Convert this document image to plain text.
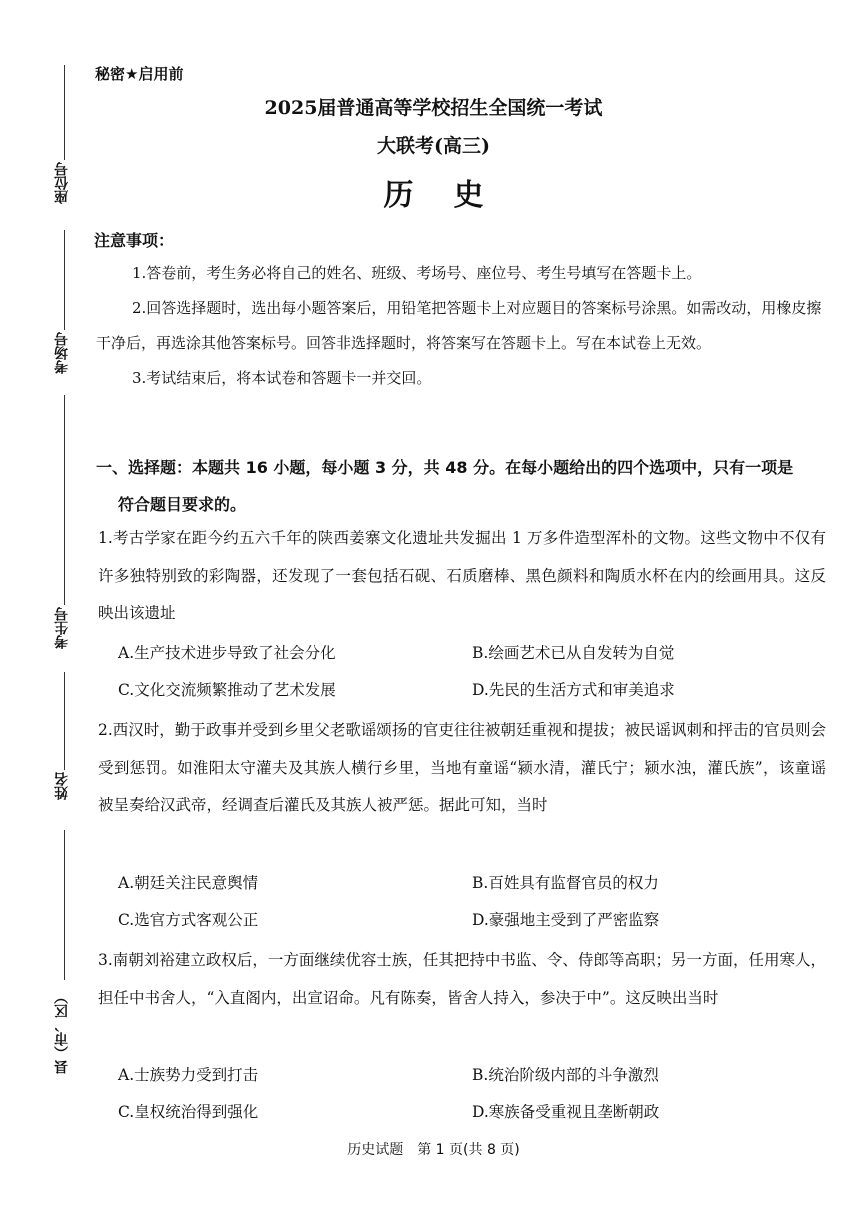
座位号
考场号
考生号
姓名
县（市、区）
秘密★启用前
2025届普通高等学校招生全国统一考试
大联考(高三)
历史
注意事项：

1.答卷前，考生务必将自己的姓名、班级、考场号、座位号、考生号填写在答题卡上。

2.回答选择题时，选出每小题答案后，用铅笔把答题卡上对应题目的答案标号涂黑。如需改动，用橡皮擦干净后，再选涂其他答案标号。回答非选择题时，将答案写在答题卡上。写在本试卷上无效。

3.考试结束后，将本试卷和答题卡一并交回。

一、选择题：本题共 16 小题，每小题 3 分，共 48 分。在每小题给出的四个选项中，只有一项是
符合题目要求的。

1.考古学家在距今约五六千年的陕西姜寨文化遗址共发掘出 1 万多件造型浑朴的文物。这些文物中不仅有许多独特别致的彩陶器，还发现了一套包括石砚、石质磨棒、黑色颜料和陶质水杯在内的绘画用具。这反映出该遗址

A.生产技术进步导致了社会分化	B.绘画艺术已从自发转为自觉
C.文化交流频繁推动了艺术发展	D.先民的生活方式和审美追求

2.西汉时，勤于政事并受到乡里父老歌谣颂扬的官吏往往被朝廷重视和提拔；被民谣讽刺和抨击的官员则会受到惩罚。如淮阳太守灌夫及其族人横行乡里，当地有童谣“颍水清，灌氏宁；颍水浊，灌氏族”，该童谣被呈奏给汉武帝，经调查后灌氏及其族人被严惩。据此可知，当时

A.朝廷关注民意舆情	B.百姓具有监督官员的权力
C.选官方式客观公正	D.豪强地主受到了严密监察

3.南朝刘裕建立政权后，一方面继续优容士族，任其把持中书监、令、侍郎等高职；另一方面，任用寒人，担任中书舍人，“入直阁内，出宣诏命。凡有陈奏，皆舍人持入，参决于中”。这反映出当时

A.士族势力受到打击	B.统治阶级内部的斗争激烈
C.皇权统治得到强化	D.寒族备受重视且垄断朝政
历史试题　第 1 页(共 8 页)
